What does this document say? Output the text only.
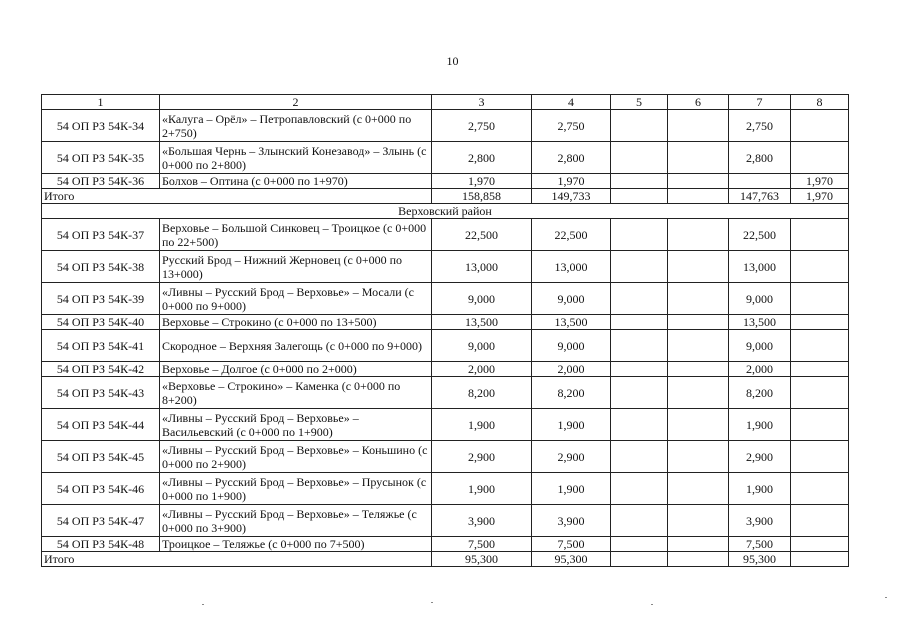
10
1	2	3	4	5	6	7	8
54 ОП РЗ 54К-34	«Калуга – Орёл» – Петропавловский (с 0+000 по 2+750)	2,750	2,750			2,750	
54 ОП РЗ 54К-35	«Большая Чернь – Злынский Конезавод» – Злынь (с 0+000 по 2+800)	2,800	2,800			2,800	
54 ОП РЗ 54К-36	Болхов – Оптина (с 0+000 по 1+970)	1,970	1,970				1,970
Итого		158,858	149,733			147,763	1,970
Верховский район							
54 ОП РЗ 54К-37	Верховье – Большой Синковец – Троицкое (с 0+000 по 22+500)	22,500	22,500			22,500	
54 ОП РЗ 54К-38	Русский Брод – Нижний Жерновец (с 0+000 по 13+000)	13,000	13,000			13,000	
54 ОП РЗ 54К-39	«Ливны – Русский Брод – Верховье» – Мосали (с 0+000 по 9+000)	9,000	9,000			9,000	
54 ОП РЗ 54К-40	Верховье – Строкино (с 0+000 по 13+500)	13,500	13,500			13,500	
54 ОП РЗ 54К-41	Скородное – Верхняя Залегощь (с 0+000 по 9+000)	9,000	9,000			9,000	
54 ОП РЗ 54К-42	Верховье – Долгое (с 0+000 по 2+000)	2,000	2,000			2,000	
54 ОП РЗ 54К-43	«Верховье – Строкино» – Каменка (с 0+000 по 8+200)	8,200	8,200			8,200	
54 ОП РЗ 54К-44	«Ливны – Русский Брод – Верховье» – Васильевский (с 0+000 по 1+900)	1,900	1,900			1,900	
54 ОП РЗ 54К-45	«Ливны – Русский Брод – Верховье» – Коньшино (с 0+000 по 2+900)	2,900	2,900			2,900	
54 ОП РЗ 54К-46	«Ливны – Русский Брод – Верховье» – Прусынок (с 0+000 по 1+900)	1,900	1,900			1,900	
54 ОП РЗ 54К-47	«Ливны – Русский Брод – Верховье» – Теляжье (с 0+000 по 3+900)	3,900	3,900			3,900	
54 ОП РЗ 54К-48	Троицкое – Теляжье (с 0+000 по 7+500)	7,500	7,500			7,500	
Итого		95,300	95,300			95,300	
